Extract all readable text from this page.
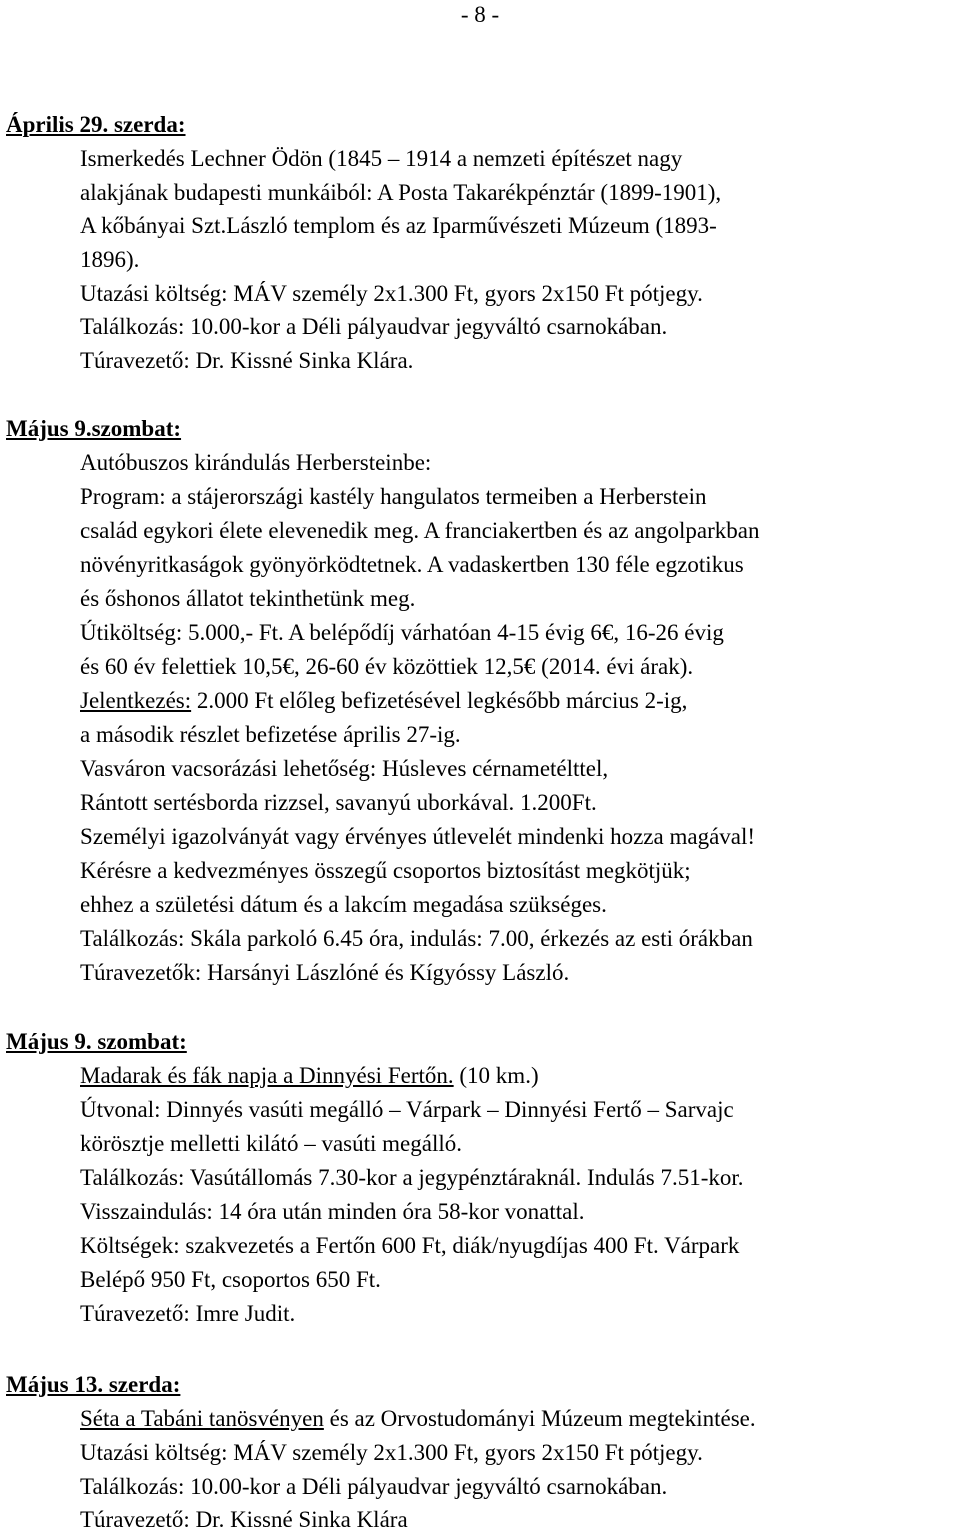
- 8 -
Április 29. szerda:
Ismerkedés Lechner Ödön (1845 – 1914 a nemzeti építészet nagy
alakjának budapesti munkáiból: A Posta Takarékpénztár (1899-1901),
A kőbányai Szt.László templom és az Iparművészeti Múzeum (1893-
1896).
Utazási költség: MÁV személy 2x1.300 Ft, gyors 2x150 Ft pótjegy.
Találkozás: 10.00-kor a Déli pályaudvar jegyváltó csarnokában.
Túravezető: Dr. Kissné Sinka Klára.
Május 9.szombat:
Autóbuszos kirándulás Herbersteinbe:
Program: a stájerországi kastély hangulatos termeiben a Herberstein
család egykori élete elevenedik meg. A franciakertben és az angolparkban
növényritkaságok gyönyörködtetnek. A vadaskertben 130 féle egzotikus
és őshonos állatot tekinthetünk meg.
Útiköltség: 5.000,- Ft. A belépődíj várhatóan 4-15 évig 6€, 16-26 évig
és 60 év felettiek 10,5€, 26-60 év közöttiek 12,5€ (2014. évi árak).
Jelentkezés: 2.000 Ft előleg befizetésével legkésőbb március 2-ig,
a második részlet befizetése április 27-ig.
Vasváron vacsorázási lehetőség: Húsleves cérnametélttel,
Rántott sertésborda rizzsel, savanyú uborkával. 1.200Ft.
Személyi igazolványát vagy érvényes útlevelét mindenki hozza magával!
Kérésre a kedvezményes összegű csoportos biztosítást megkötjük;
ehhez a születési dátum és a lakcím megadása szükséges.
Találkozás: Skála parkoló 6.45 óra, indulás: 7.00, érkezés az esti órákban
Túravezetők: Harsányi Lászlóné és Kígyóssy László.
Május 9. szombat:
Madarak és fák napja a Dinnyési Fertőn. (10 km.)
Útvonal: Dinnyés vasúti megálló – Várpark – Dinnyési Fertő – Sarvajc
körösztje melletti kilátó – vasúti megálló.
Találkozás: Vasútállomás 7.30-kor a jegypénztáraknál. Indulás 7.51-kor.
Visszaindulás: 14 óra után minden óra 58-kor vonattal.
Költségek: szakvezetés a Fertőn 600 Ft, diák/nyugdíjas 400 Ft. Várpark
Belépő 950 Ft, csoportos 650 Ft.
Túravezető: Imre Judit.
Május 13. szerda:
Séta a Tabáni tanösvényen és az Orvostudományi Múzeum megtekintése.
Utazási költség: MÁV személy 2x1.300 Ft, gyors 2x150 Ft pótjegy.
Találkozás: 10.00-kor a Déli pályaudvar jegyváltó csarnokában.
Túravezető: Dr. Kissné Sinka Klára
